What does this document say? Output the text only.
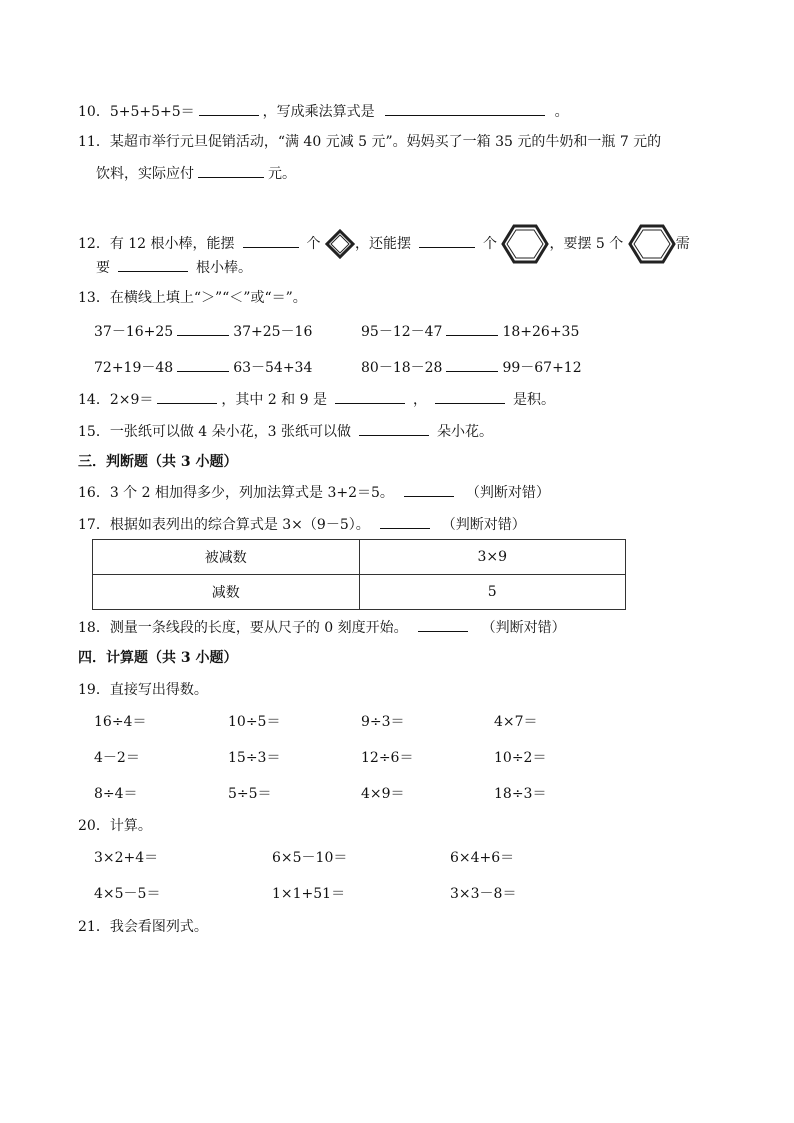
10．5+5+5+5＝	，写成乘法算式是	。
11．某超市举行元旦促销活动，“满 40 元减 5 元”。妈妈买了一箱 35 元的牛奶和一瓶 7 元的
饮料，实际应付	元。
12．有 12 根小棒，能摆	个 ，还能摆	个	，要摆 5 个	需
要	根小棒。
13．在横线上填上“＞”“＜”或“＝”。
37－16+25	37+25－16	95－12－47	18+26+35
72+19－48	63－54+34	80－18－28	99－67+12
14．2×9＝	，其中 2 和 9 是	，	是积。
15．一张纸可以做 4 朵小花，3 张纸可以做	朵小花。
三．判断题（共 3 小题）
16．3 个 2 相加得多少，列加法算式是 3+2＝5。	（判断对错）
17．根据如表列出的综合算式是 3×（9－5）。	（判断对错）
被减数	3×9
减数	5
18．测量一条线段的长度，要从尺子的 0 刻度开始。	（判断对错）
四．计算题（共 3 小题）
19．直接写出得数。
16÷4＝	10÷5＝	9÷3＝	4×7＝
4－2＝	15÷3＝	12÷6＝	10÷2＝
8÷4＝	5÷5＝	4×9＝	18÷3＝
20．计算。
3×2+4＝	6×5－10＝	6×4+6＝
4×5－5＝	1×1+51＝	3×3－8＝
21．我会看图列式。
